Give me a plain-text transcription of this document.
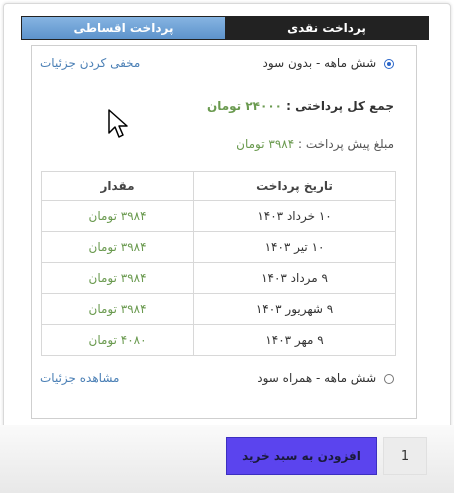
پرداخت اقساطی	پرداخت نقدی
شش ماهه - بدون سود
مخفی کردن جزئیات
جمع کل پرداختی : ۲۴۰۰۰ تومان
مبلغ پیش پرداخت : ۳۹۸۴ تومان
تاریخ پرداخت	مقدار
۱۰ خرداد ۱۴۰۳	۳۹۸۴ تومان
۱۰ تیر ۱۴۰۳	۳۹۸۴ تومان
۹ مرداد ۱۴۰۳	۳۹۸۴ تومان
۹ شهریور ۱۴۰۳	۳۹۸۴ تومان
۹ مهر ۱۴۰۳	۴۰۸۰ تومان
شش ماهه - همراه سود
مشاهده جزئیات
افزودن به سبد خرید	1
